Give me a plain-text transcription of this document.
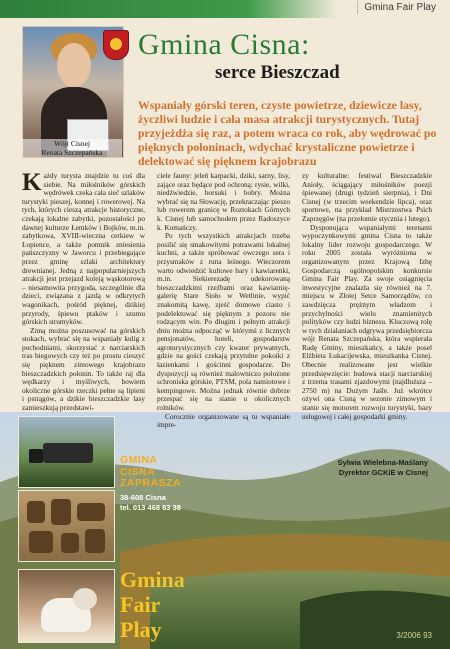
Gmina Fair Play
Wójt Cisnej
Renata Szczepańska
Gmina Cisna:
serce Bieszczad
Wspaniały górski teren, czyste powietrze, dziewicze lasy, życzliwi ludzie i cała masa atrakcji turystycznych. Tutaj przyjeżdża się raz, a potem wraca co rok, aby wędrować po pięknych połoninach, wdychać krystaliczne powietrze i delektować się pięknem krajobrazu

Każdy turysta znajdzie tu coś dla siebie. Na miłośników górskich wędrówek czeka cała sieć szlaków turystyki pieszej, konnej i rowerowej. Na tych, których cieszą atrakcje historyczne, czekają lokalne zabytki, pozostałości po dawnej kulturze Łemków i Bojków, m.in. zabytkowa, XVIII-wieczna cerkiew w Łopience, a także pomnik zniesienia pańszczyzny w Jaworcu i przebiegające przez gminę szlaki architektury drewnianej. Jedną z najpopularniejszych atrakcji jest przejazd koleją wąskotorową – niesamowita przygoda, szczególnie dla dzieci, związana z jazdą w odkrytych wagonikach, pośród pięknej, dzikiej przyrody, śpiewu ptaków i szumu górskich strumyków.

Zimą można poszusować na górskich stokach, wybrać się na wspaniały kulig z pochodniami, skorzystać z narciarskich tras biegowych czy też po prostu cieszyć się pięknem zimowego krajobrazu bieszczadzkich połonin. To także raj dla wędkarzy i myśliwych, bowiem okoliczne górskie rzeczki pełne są lipieni i pstrągów, a dzikie bieszczadzkie lasy zamieszkują przedstawi-

ciele fauny: jeleń karpacki, dziki, sarny, lisy, zające oraz będące pod ochroną: rysie, wilki, niedźwiedzie, borsuki i bobry. Można wybrać się na Słowację, przekraczając pieszo lub rowerem granicę w Roztokach Górnych k. Cisnej lub samochodem przez Radoszyce k. Komańczy.

Po tych wszystkich atrakcjach trzeba posilić się smakowitymi potrawami lokalnej kuchni, a także spróbować owczego sera i przysmaków z runa leśnego. Wieczorem warto odwiedzić kultowe bary i kawiarenki, m.in. Siekierezadę udekorowaną bieszczadzkimi rzeźbami oraz kawiarnię-galerię Stare Sioło w Wetlinie, wypić znakomitą kawę, zjeść domowe ciasto i podelektować się pięknym z pozoru nie rodzącym win. Po długim i pełnym atrakcji dniu można odpocząć w którymś z licznych pensjonatów, hoteli, gospodarstw agroturystycznych czy kwater prywatnych, gdzie na gości czekają przytulne pokoiki z łazienkami i gościnni gospodarze. Do dyspozycji są również malowniczo położone schroniska górskie, PTSM, pola namiotowe i kempingowe. Można jednak równie dobrze przespać się na sianie u okolicznych rolników.

Corocznie organizowane są tu wspaniałe impre-

zy kulturalne: festiwal Bieszczadzkie Anioły, ściągający miłośników poezji śpiewanej (drugi tydzień sierpnia), i Dni Cisnej (w trzecim weekendzie lipca), oraz sportowe, na przykład Mistrzostwa Psich Zaprzęgów (na przełomie stycznia i lutego).

Dysponująca wspaniałymi terenami wypoczynkowymi gmina Cisna to także lokalny lider rozwoju gospodarczego. W roku 2005 została wyróżniona w organizowanym przez Krajową Izbę Gospodarczą ogólnopolskim konkursie Gmina Fair Play. Za swoje osiągnięcia inwestycyjne znalazła się również na 7. miejscu w Złotej Setce Samorządów, co zawdzięcza prężnym władzom i przychylności wielu znamienitych polityków czy ludzi biznesu. Kluczową rolę w tych działaniach odgrywa przedsiębiorcza wójt Renata Szczepańska, która wspierała Radę Gminy, mieszkańcy, a także posel Elżbieta Łukacijewska, mieszkanka Cisnej. Obecnie realizowane jest wielkie przedsięwzięcie: budowa stacji narciarskiej z trzema trasami zjazdowymi (najdłuższa – 2750 m) na Dużym Jaśle. Już wkrótce ożywi ona Cisną w sezonie zimowym i stanie się motorem rozwoju turystyki, bazy usługowej i całej gospodarki gminy.

Sylwia Wielebna-Maślany
Dyrektor GCKiE w Cisnej
GMINA
CISNA
ZAPRASZA
38-608 Cisna
tel. 013 468 63 38
Gmina
Fair
Play	3/2006 93
